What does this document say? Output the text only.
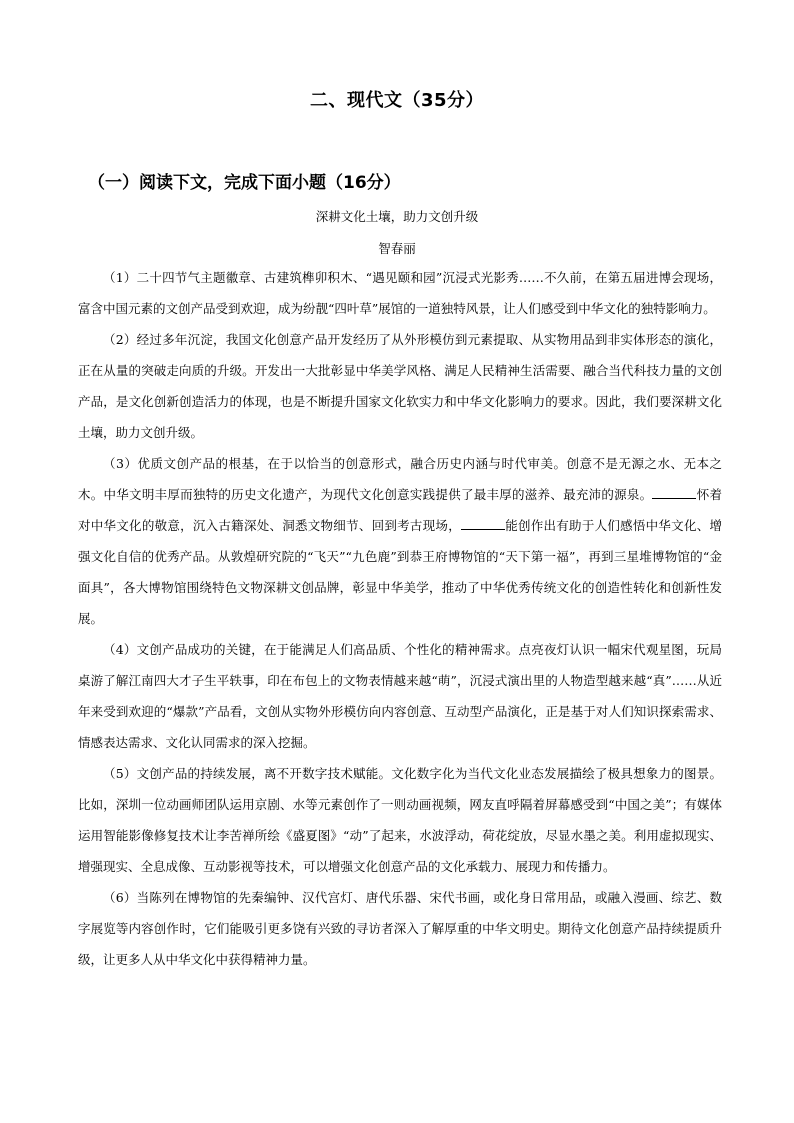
二、现代文（35分）
（一）阅读下文，完成下面小题（16分）
深耕文化土壤，助力文创升级
智春丽

（1）二十四节气主题徽章、古建筑榫卯积木、“遇见颐和园”沉浸式光影秀……不久前，在第五届进博会现场，富含中国元素的文创产品受到欢迎，成为纷靓“四叶草”展馆的一道独特风景，让人们感受到中华文化的独特影响力。

（2）经过多年沉淀，我国文化创意产品开发经历了从外形模仿到元素提取、从实物用品到非实体形态的演化，正在从量的突破走向质的升级。开发出一大批彰显中华美学风格、满足人民精神生活需要、融合当代科技力量的文创产品，是文化创新创造活力的体现，也是不断提升国家文化软实力和中华文化影响力的要求。因此，我们要深耕文化土壤，助力文创升级。

（3）优质文创产品的根基，在于以恰当的创意形式，融合历史内涵与时代审美。创意不是无源之水、无本之木。中华文明丰厚而独特的历史文化遗产，为现代文化创意实践提供了最丰厚的滋养、最充沛的源泉。	怀着对中华文化的敬意，沉入古籍深处、洞悉文物细节、回到考古现场，	能创作出有助于人们感悟中华文化、增强文化自信的优秀产品。从敦煌研究院的“飞天”“九色鹿”到恭王府博物馆的“天下第一福”，再到三星堆博物馆的“金面具”，各大博物馆围绕特色文物深耕文创品牌，彰显中华美学，推动了中华优秀传统文化的创造性转化和创新性发展。

（4）文创产品成功的关键，在于能满足人们高品质、个性化的精神需求。点亮夜灯认识一幅宋代观星图，玩局桌游了解江南四大才子生平轶事，印在布包上的文物表情越来越“萌”，沉浸式演出里的人物造型越来越“真”……从近年来受到欢迎的“爆款”产品看，文创从实物外形模仿向内容创意、互动型产品演化，正是基于对人们知识探索需求、情感表达需求、文化认同需求的深入挖掘。

（5）文创产品的持续发展，离不开数字技术赋能。文化数字化为当代文化业态发展描绘了极具想象力的图景。比如，深圳一位动画师团队运用京剧、水等元素创作了一则动画视频，网友直呼隔着屏幕感受到“中国之美”；有媒体运用智能影像修复技术让李苦禅所绘《盛夏图》“动”了起来，水波浮动，荷花绽放，尽显水墨之美。利用虚拟现实、增强现实、全息成像、互动影视等技术，可以增强文化创意产品的文化承载力、展现力和传播力。

（6）当陈列在博物馆的先秦编钟、汉代宫灯、唐代乐器、宋代书画，或化身日常用品，或融入漫画、综艺、数字展览等内容创作时，它们能吸引更多饶有兴致的寻访者深入了解厚重的中华文明史。期待文化创意产品持续提质升级，让更多人从中华文化中获得精神力量。
